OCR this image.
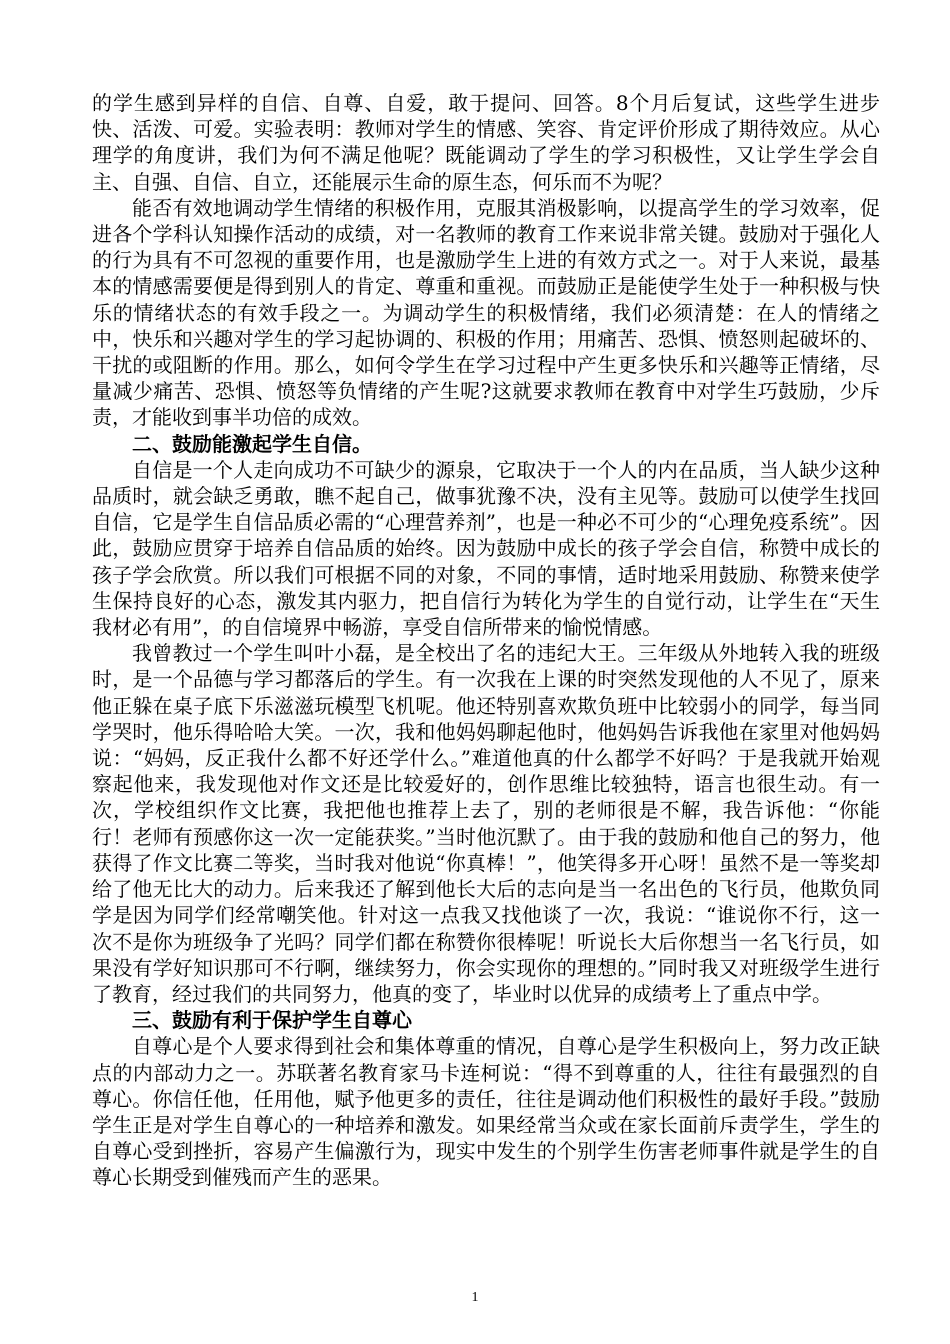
的学生感到异样的自信、自尊、自爱，敢于提问、回答。8个月后复试，这些学生进步快、活泼、可爱。实验表明：教师对学生的情感、笑容、肯定评价形成了期待效应。从心理学的角度讲，我们为何不满足他呢？既能调动了学生的学习积极性，又让学生学会自主、自强、自信、自立，还能展示生命的原生态，何乐而不为呢？

能否有效地调动学生情绪的积极作用，克服其消极影响，以提高学生的学习效率，促进各个学科认知操作活动的成绩，对一名教师的教育工作来说非常关键。鼓励对于强化人的行为具有不可忽视的重要作用，也是激励学生上进的有效方式之一。对于人来说，最基本的情感需要便是得到别人的肯定、尊重和重视。而鼓励正是能使学生处于一种积极与快乐的情绪状态的有效手段之一。为调动学生的积极情绪，我们必须清楚：在人的情绪之中，快乐和兴趣对学生的学习起协调的、积极的作用；用痛苦、恐惧、愤怒则起破坏的、干扰的或阻断的作用。那么，如何令学生在学习过程中产生更多快乐和兴趣等正情绪，尽量减少痛苦、恐惧、愤怒等负情绪的产生呢?这就要求教师在教育中对学生巧鼓励，少斥责，才能收到事半功倍的成效。

二、鼓励能激起学生自信。

自信是一个人走向成功不可缺少的源泉，它取决于一个人的内在品质，当人缺少这种品质时，就会缺乏勇敢，瞧不起自己，做事犹豫不决，没有主见等。鼓励可以使学生找回自信，它是学生自信品质必需的“心理营养剂”，也是一种必不可少的“心理免疫系统”。因此，鼓励应贯穿于培养自信品质的始终。因为鼓励中成长的孩子学会自信，称赞中成长的孩子学会欣赏。所以我们可根据不同的对象，不同的事情，适时地采用鼓励、称赞来使学生保持良好的心态，激发其内驱力，把自信行为转化为学生的自觉行动，让学生在“天生我材必有用”，的自信境界中畅游，享受自信所带来的愉悦情感。

我曾教过一个学生叫叶小磊，是全校出了名的违纪大王。三年级从外地转入我的班级时，是一个品德与学习都落后的学生。有一次我在上课的时突然发现他的人不见了，原来他正躲在桌子底下乐滋滋玩模型飞机呢。他还特别喜欢欺负班中比较弱小的同学，每当同学哭时，他乐得哈哈大笑。一次，我和他妈妈聊起他时，他妈妈告诉我他在家里对他妈妈说：“妈妈，反正我什么都不好还学什么。”难道他真的什么都学不好吗？于是我就开始观察起他来，我发现他对作文还是比较爱好的，创作思维比较独特，语言也很生动。有一次，学校组织作文比赛，我把他也推荐上去了，别的老师很是不解，我告诉他：“你能行！老师有预感你这一次一定能获奖。”当时他沉默了。由于我的鼓励和他自己的努力，他获得了作文比赛二等奖，当时我对他说“你真棒！”，他笑得多开心呀！虽然不是一等奖却给了他无比大的动力。后来我还了解到他长大后的志向是当一名出色的飞行员，他欺负同学是因为同学们经常嘲笑他。针对这一点我又找他谈了一次，我说：“谁说你不行，这一次不是你为班级争了光吗？同学们都在称赞你很棒呢！听说长大后你想当一名飞行员，如果没有学好知识那可不行啊，继续努力，你会实现你的理想的。”同时我又对班级学生进行了教育，经过我们的共同努力，他真的变了，毕业时以优异的成绩考上了重点中学。

三、鼓励有利于保护学生自尊心

自尊心是个人要求得到社会和集体尊重的情况，自尊心是学生积极向上，努力改正缺点的内部动力之一。苏联著名教育家马卡连柯说：“得不到尊重的人，往往有最强烈的自尊心。你信任他，任用他，赋予他更多的责任，往往是调动他们积极性的最好手段。”鼓励学生正是对学生自尊心的一种培养和激发。如果经常当众或在家长面前斥责学生，学生的自尊心受到挫折，容易产生偏激行为，现实中发生的个别学生伤害老师事件就是学生的自尊心长期受到催残而产生的恶果。

1
